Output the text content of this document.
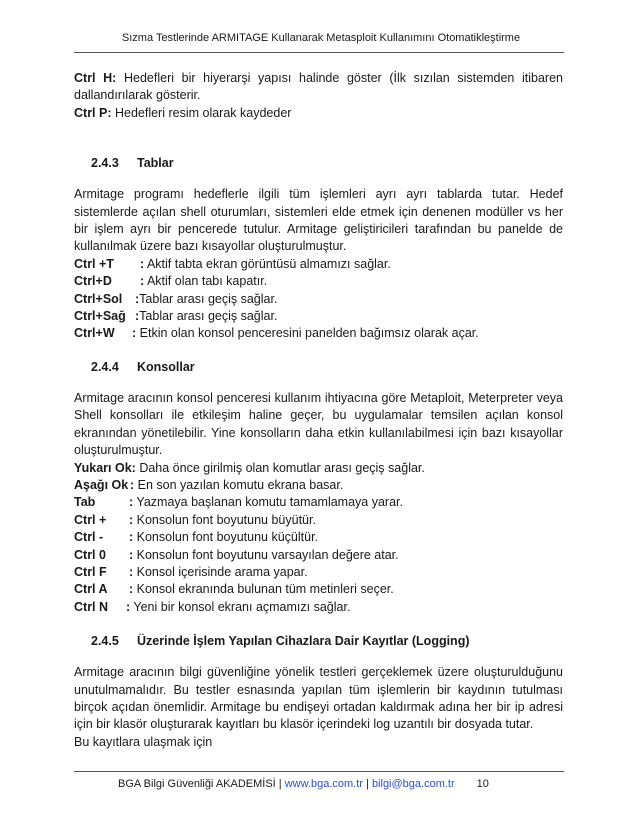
Sızma Testlerinde ARMITAGE Kullanarak Metasploit Kullanımını Otomatikleştirme

Ctrl H: Hedefleri bir hiyerarşi yapısı halinde göster (İlk sızılan sistemden itibaren dallandırılarak gösterir.

Ctrl P: Hedefleri resim olarak kaydeder

2.4.3 Tablar

Armitage programı hedeflerle ilgili tüm işlemleri ayrı ayrı tablarda tutar. Hedef sistemlerde açılan shell oturumları, sistemleri elde etmek için denenen modüller vs her bir işlem ayrı bir pencerede tutulur. Armitage geliştiricileri tarafından bu panelde de kullanılmak üzere bazı kısayollar oluşturulmuştur.

Ctrl +T : Aktif tabta ekran görüntüsü almamızı sağlar.

Ctrl+D : Aktif olan tabı kapatır.

Ctrl+Sol :Tablar arası geçiş sağlar.

Ctrl+Sağ :Tablar arası geçiş sağlar.

Ctrl+W : Etkin olan konsol penceresini panelden bağımsız olarak açar.

2.4.4 Konsollar

Armitage aracının konsol penceresi kullanım ihtiyacına göre Metaploit, Meterpreter veya Shell konsolları ile etkileşim haline geçer, bu uygulamalar temsilen açılan konsol ekranından yönetilebilir. Yine konsolların daha etkin kullanılabilmesi için bazı kısayollar oluşturulmuştur.

Yukarı Ok: Daha önce girilmiş olan komutlar arası geçiş sağlar.

Aşağı Ok : En son yazılan komutu ekrana basar.

Tab	: Yazmaya başlanan komutu tamamlamaya yarar.

Ctrl + : Konsolun font boyutunu büyütür.

Ctrl - : Konsolun font boyutunu küçültür.

Ctrl 0 : Konsolun font boyutunu varsayılan değere atar.

Ctrl F : Konsol içerisinde arama yapar.

Ctrl A : Konsol ekranında bulunan tüm metinleri seçer.

Ctrl N : Yeni bir konsol ekranı açmamızı sağlar.

2.4.5 Üzerinde İşlem Yapılan Cihazlara Dair Kayıtlar (Logging)

Armitage aracının bilgi güvenliğine yönelik testleri gerçeklemek üzere oluşturulduğunu unutulmamalıdır. Bu testler esnasında yapılan tüm işlemlerin bir kaydının tutulması birçok açıdan önemlidir. Armitage bu endişeyi ortadan kaldırmak adına her bir ip adresi için bir klasör oluşturarak kayıtları bu klasör içerindeki log uzantılı bir dosyada tutar.

Bu kayıtlara ulaşmak için

BGA Bilgi Güvenliği AKADEMİSİ | www.bga.com.tr | bilgi@bga.com.tr 10
